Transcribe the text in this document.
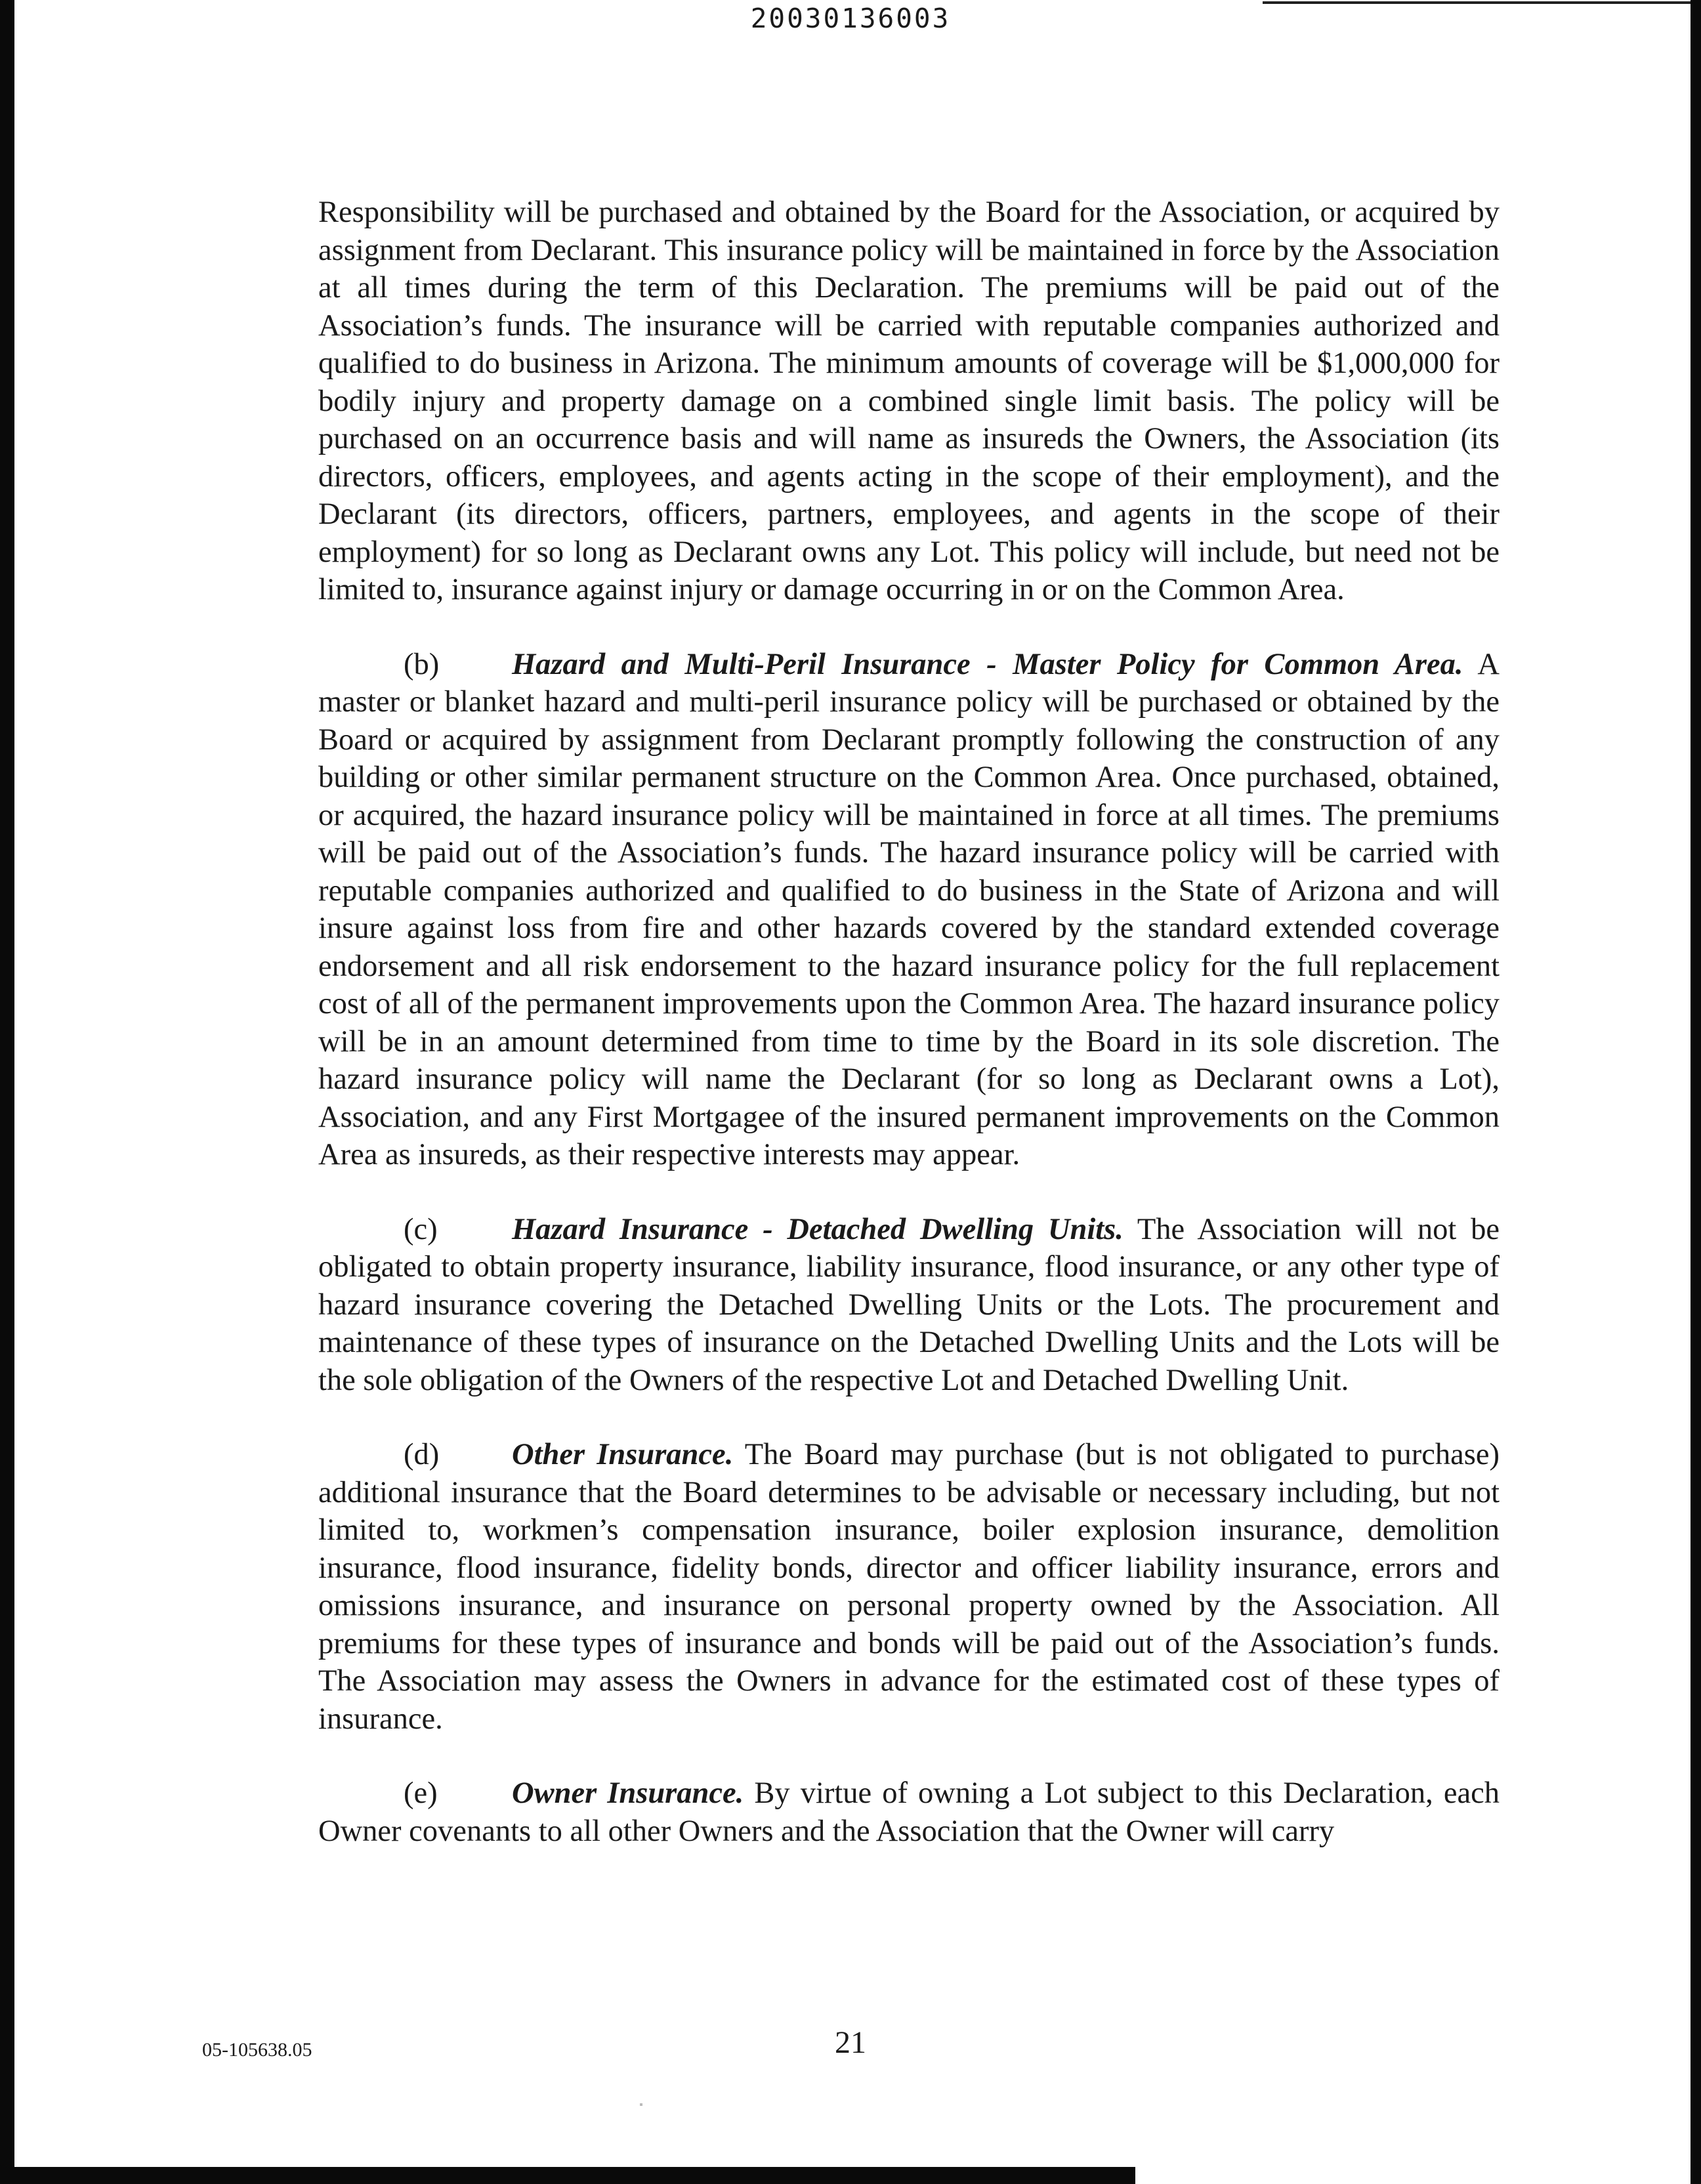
20030136003

Responsibility will be purchased and obtained by the Board for the Association, or acquired by assignment from Declarant. This insurance policy will be maintained in force by the Association at all times during the term of this Declaration. The premiums will be paid out of the Association’s funds. The insurance will be carried with reputable companies authorized and qualified to do business in Arizona. The minimum amounts of coverage will be $1,000,000 for bodily injury and property damage on a combined single limit basis. The policy will be purchased on an occurrence basis and will name as insureds the Owners, the Association (its directors, officers, employees, and agents acting in the scope of their employment), and the Declarant (its directors, officers, partners, employees, and agents in the scope of their employment) for so long as Declarant owns any Lot. This policy will include, but need not be limited to, insurance against injury or damage occurring in or on the Common Area.

(b) Hazard and Multi-Peril Insurance - Master Policy for Common Area. A master or blanket hazard and multi-peril insurance policy will be purchased or obtained by the Board or acquired by assignment from Declarant promptly following the construction of any building or other similar permanent structure on the Common Area. Once purchased, obtained, or acquired, the hazard insurance policy will be maintained in force at all times. The premiums will be paid out of the Association’s funds. The hazard insurance policy will be carried with reputable companies authorized and qualified to do business in the State of Arizona and will insure against loss from fire and other hazards covered by the standard extended coverage endorsement and all risk endorsement to the hazard insurance policy for the full replacement cost of all of the permanent improvements upon the Common Area. The hazard insurance policy will be in an amount determined from time to time by the Board in its sole discretion. The hazard insurance policy will name the Declarant (for so long as Declarant owns a Lot), Association, and any First Mortgagee of the insured permanent improvements on the Common Area as insureds, as their respective interests may appear.

(c) Hazard Insurance - Detached Dwelling Units. The Association will not be obligated to obtain property insurance, liability insurance, flood insurance, or any other type of hazard insurance covering the Detached Dwelling Units or the Lots. The procurement and maintenance of these types of insurance on the Detached Dwelling Units and the Lots will be the sole obligation of the Owners of the respective Lot and Detached Dwelling Unit.

(d) Other Insurance. The Board may purchase (but is not obligated to purchase) additional insurance that the Board determines to be advisable or necessary including, but not limited to, workmen’s compensation insurance, boiler explosion insurance, demolition insurance, flood insurance, fidelity bonds, director and officer liability insurance, errors and omissions insurance, and insurance on personal property owned by the Association. All premiums for these types of insurance and bonds will be paid out of the Association’s funds. The Association may assess the Owners in advance for the estimated cost of these types of insurance.

(e) Owner Insurance. By virtue of owning a Lot subject to this Declaration, each Owner covenants to all other Owners and the Association that the Owner will carry

05-105638.05	21
